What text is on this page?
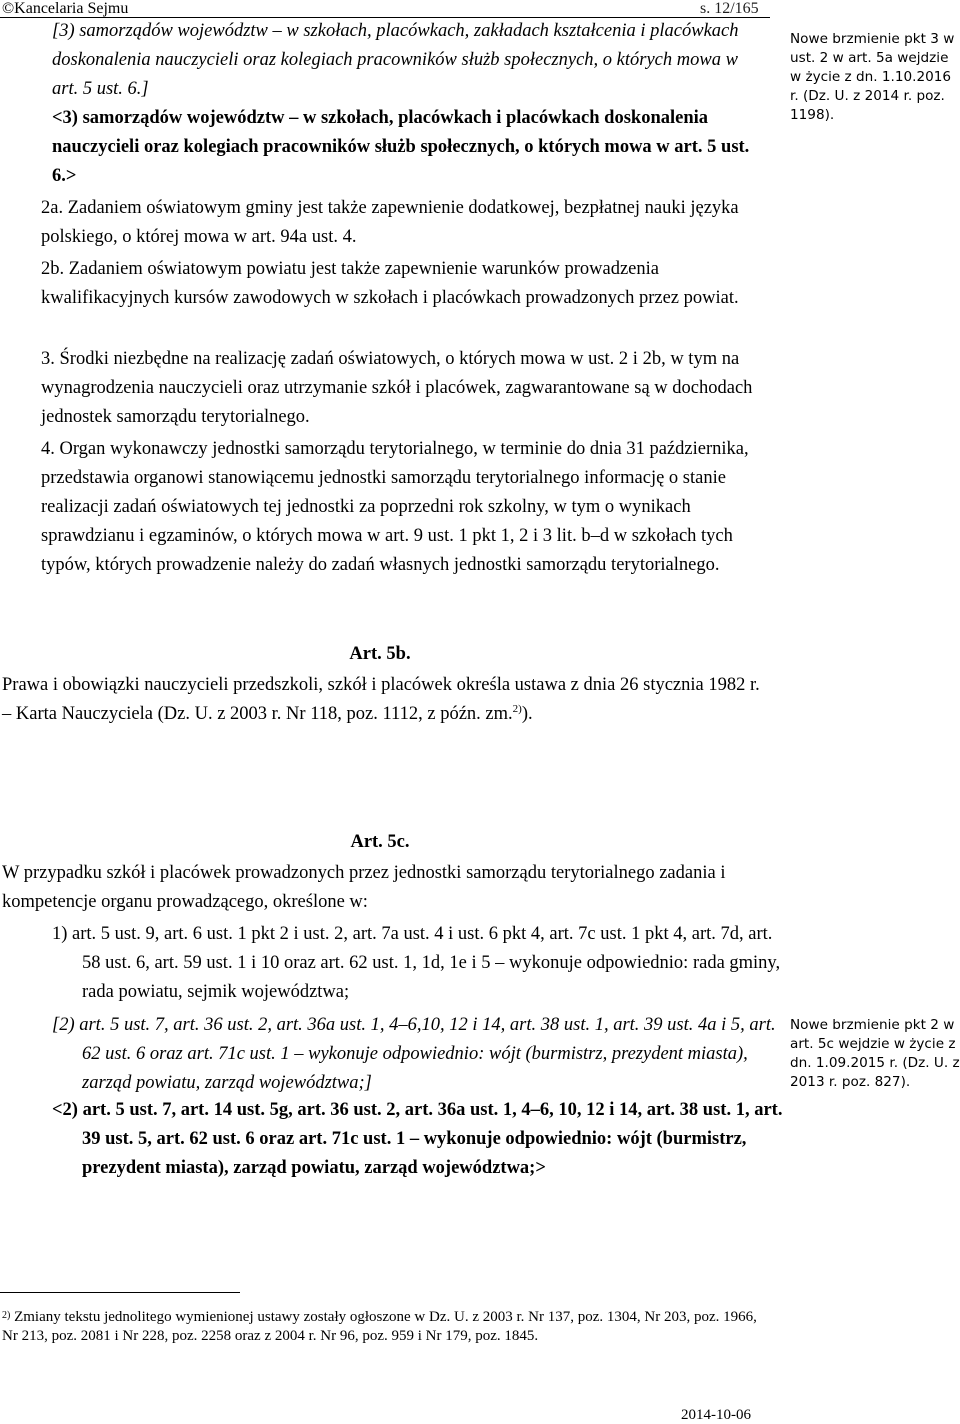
©Kancelaria Sejmu	s. 12/165
[3) samorządów województw – w szkołach, placówkach, zakładach kształcenia i placówkach doskonalenia nauczycieli oraz kolegiach pracowników służb społecznych, o których mowa w art. 5 ust. 6.]
<3) samorządów województw – w szkołach, placówkach i placówkach doskonalenia nauczycieli oraz kolegiach pracowników służb społecznych, o których mowa w art. 5 ust. 6.>
2a. Zadaniem oświatowym gminy jest także zapewnienie dodatkowej, bezpłatnej nauki języka polskiego, o której mowa w art. 94a ust. 4.
2b. Zadaniem oświatowym powiatu jest także zapewnienie warunków prowadzenia kwalifikacyjnych kursów zawodowych w szkołach i placówkach prowadzonych przez powiat.
3. Środki niezbędne na realizację zadań oświatowych, o których mowa w ust. 2 i 2b, w tym na wynagrodzenia nauczycieli oraz utrzymanie szkół i placówek, zagwarantowane są w dochodach jednostek samorządu terytorialnego.
4. Organ wykonawczy jednostki samorządu terytorialnego, w terminie do dnia 31 października, przedstawia organowi stanowiącemu jednostki samorządu terytorialnego informację o stanie realizacji zadań oświatowych tej jednostki za poprzedni rok szkolny, w tym o wynikach sprawdzianu i egzaminów, o których mowa w art. 9 ust. 1 pkt 1, 2 i 3 lit. b–d w szkołach tych typów, których prowadzenie należy do zadań własnych jednostki samorządu terytorialnego.
Art. 5b.
Prawa i obowiązki nauczycieli przedszkoli, szkół i placówek określa ustawa z dnia 26 stycznia 1982 r. – Karta Nauczyciela (Dz. U. z 2003 r. Nr 118, poz. 1112, z późn. zm.$^{2)}$).
Art. 5c.
W przypadku szkół i placówek prowadzonych przez jednostki samorządu terytorialnego zadania i kompetencje organu prowadzącego, określone w:
1) art. 5 ust. 9, art. 6 ust. 1 pkt 2 i ust. 2, art. 7a ust. 4 i ust. 6 pkt 4, art. 7c ust. 1 pkt 4, art. 7d, art. 58 ust. 6, art. 59 ust. 1 i 10 oraz art. 62 ust. 1, 1d, 1e i 5 – wykonuje odpowiednio: rada gminy, rada powiatu, sejmik województwa;
[2) art. 5 ust. 7, art. 36 ust. 2, art. 36a ust. 1, 4–6,10, 12 i 14, art. 38 ust. 1, art. 39 ust. 4a i 5, art. 62 ust. 6 oraz art. 71c ust. 1 – wykonuje odpowiednio: wójt (burmistrz, prezydent miasta), zarząd powiatu, zarząd województwa;]
<2) art. 5 ust. 7, art. 14 ust. 5g, art. 36 ust. 2, art. 36a ust. 1, 4–6, 10, 12 i 14, art. 38 ust. 1, art. 39 ust. 5, art. 62 ust. 6 oraz art. 71c ust. 1 – wykonuje odpowiednio: wójt (burmistrz, prezydent miasta), zarząd powiatu, zarząd województwa;>
Nowe brzmienie pkt 3 w ust. 2 w art. 5a wejdzie w życie z dn. 1.10.2016 r. (Dz. U. z 2014 r. poz. 1198).
Nowe brzmienie pkt 2 w art. 5c wejdzie w życie z dn. 1.09.2015 r. (Dz. U. z 2013 r. poz. 827).
$^{2)}$ Zmiany tekstu jednolitego wymienionej ustawy zostały ogłoszone w Dz. U. z 2003 r. Nr 137, poz. 1304, Nr 203, poz. 1966, Nr 213, poz. 2081 i Nr 228, poz. 2258 oraz z 2004 r. Nr 96, poz. 959 i Nr 179, poz. 1845.
2014-10-06
